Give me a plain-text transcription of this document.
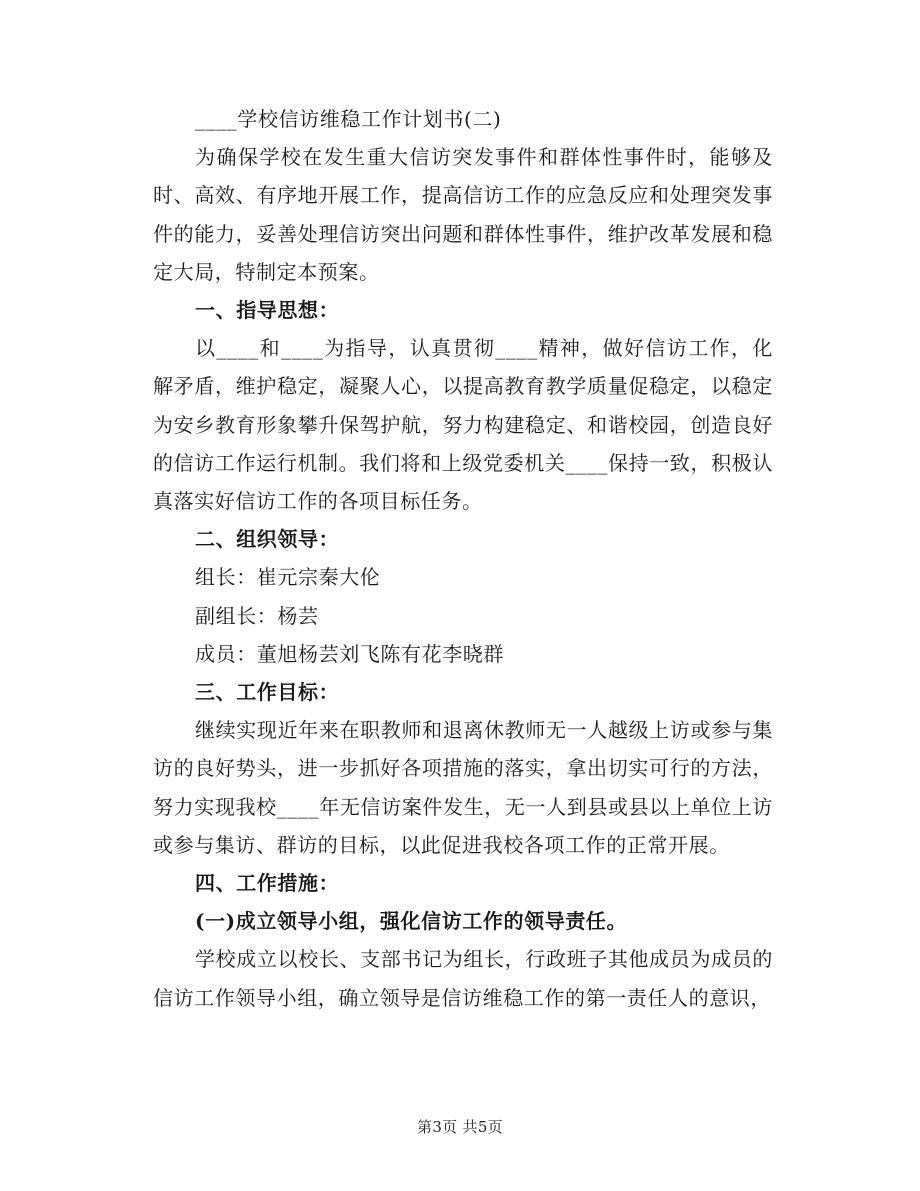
____学校信访维稳工作计划书(二)

为确保学校在发生重大信访突发事件和群体性事件时，能够及时、高效、有序地开展工作，提高信访工作的应急反应和处理突发事件的能力，妥善处理信访突出问题和群体性事件，维护改革发展和稳定大局，特制定本预案。

一、指导思想：

以____和____为指导，认真贯彻____精神，做好信访工作，化解矛盾，维护稳定，凝聚人心，以提高教育教学质量促稳定，以稳定为安乡教育形象攀升保驾护航，努力构建稳定、和谐校园，创造良好的信访工作运行机制。我们将和上级党委机关____保持一致，积极认真落实好信访工作的各项目标任务。

二、组织领导：

组长：崔元宗秦大伦

副组长：杨芸

成员：董旭杨芸刘飞陈有花李晓群

三、工作目标：

继续实现近年来在职教师和退离休教师无一人越级上访或参与集访的良好势头，进一步抓好各项措施的落实，拿出切实可行的方法，努力实现我校____年无信访案件发生，无一人到县或县以上单位上访或参与集访、群访的目标，以此促进我校各项工作的正常开展。

四、工作措施：

(一)成立领导小组，强化信访工作的领导责任。

学校成立以校长、支部书记为组长，行政班子其他成员为成员的信访工作领导小组，确立领导是信访维稳工作的第一责任人的意识，

第3页 共5页
